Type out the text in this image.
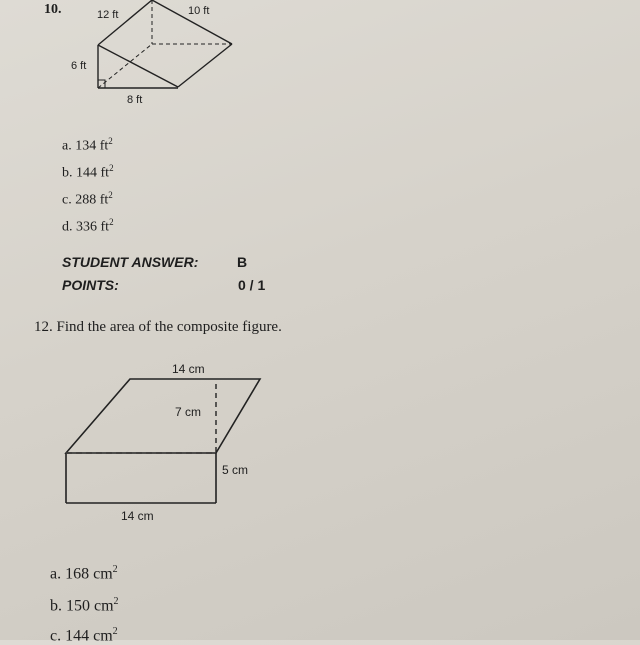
10.	12 ft	10 ft
6 ft
8 ft
a. 134 $ft^2$
b. 144 $ft^2$
c. 288 $ft^2$
d. 336 $ft^2$
STUDENT ANSWER:	B
POINTS:	0 / 1
12. Find the area of the composite figure.
14 cm
7 cm
5 cm
14 cm
a. 168 $cm^2$
b. 150 $cm^2$
c. 144 $cm^2$
